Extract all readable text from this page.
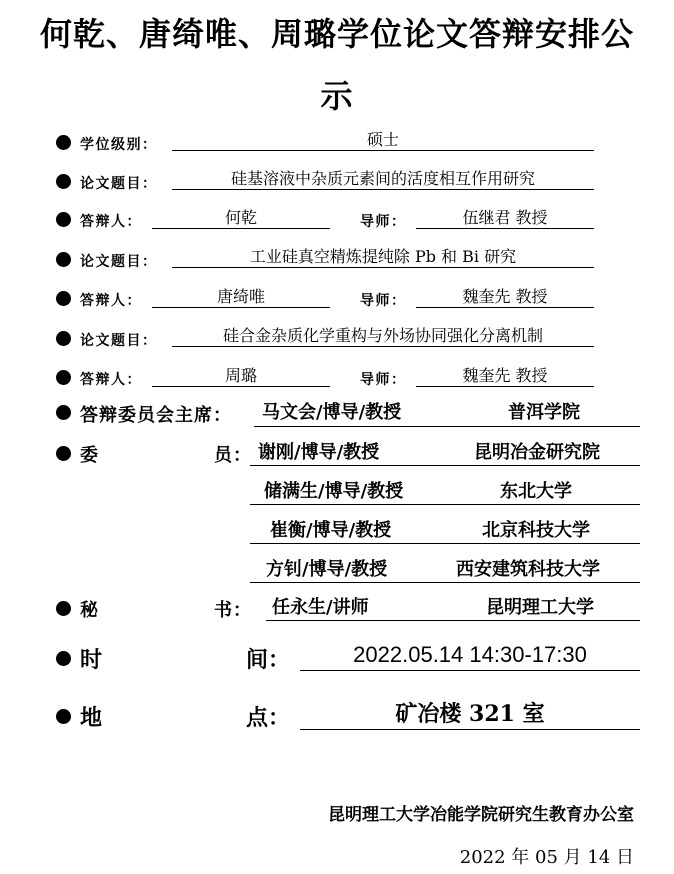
何乾、唐绮唯、周璐学位论文答辩安排公
示
学位级别：	硕士
论文题目：	硅基溶液中杂质元素间的活度相互作用研究
答辩人：	何乾	导师：	伍继君 教授
论文题目：	工业硅真空精炼提纯除 Pb 和 Bi 研究
答辩人：	唐绮唯	导师：	魏奎先 教授
论文题目：	硅合金杂质化学重构与外场协同强化分离机制
答辩人：	周璐	导师：	魏奎先 教授
答辩委员会主席： 马文会/博导/教授	普洱学院
委	员： 谢刚/博导/教授	昆明冶金研究院
储满生/博导/教授	东北大学
崔衡/博导/教授	北京科技大学
方钊/博导/教授	西安建筑科技大学
秘	书： 任永生/讲师	昆明理工大学
时	间：	2022.05.14 14:30-17:30
地	点：	矿冶楼 321 室
昆明理工大学冶能学院研究生教育办公室
2022 年 05 月 14 日
